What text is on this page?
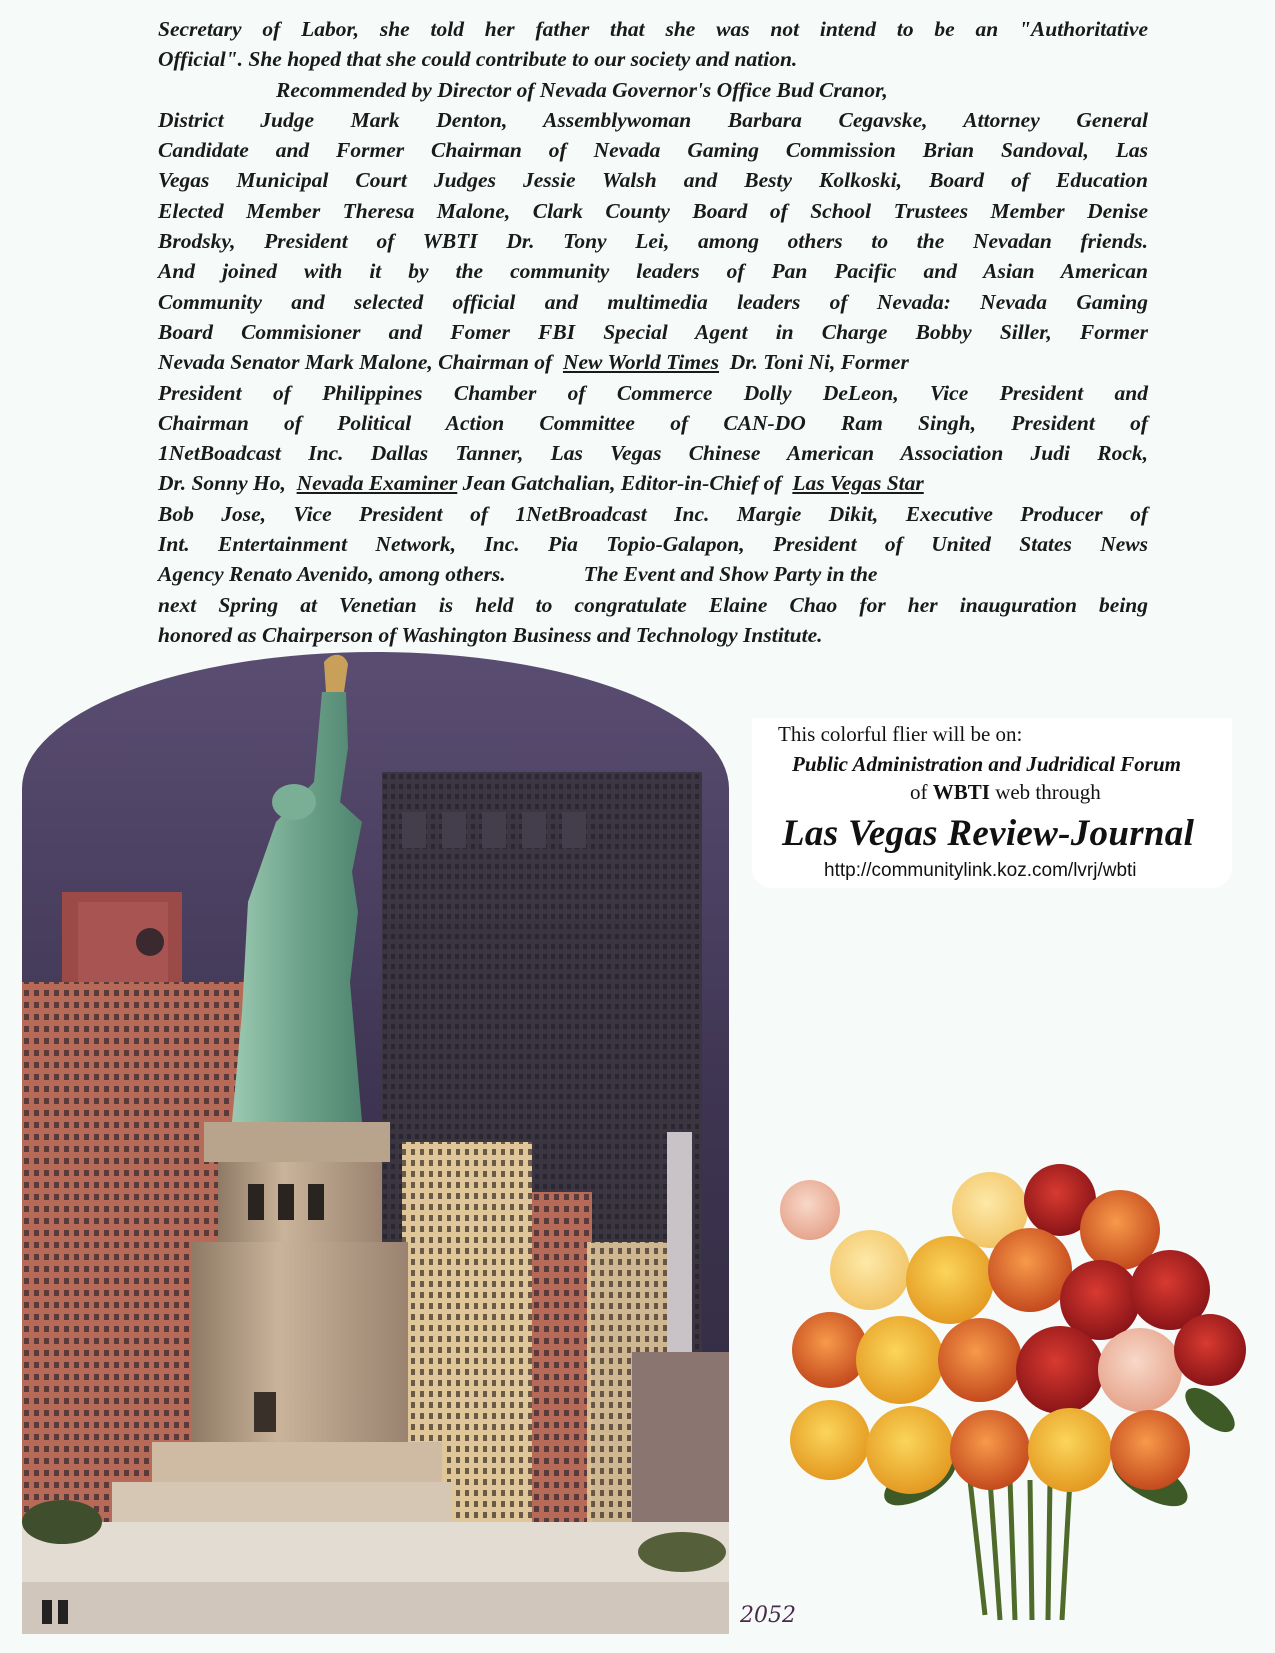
Secretary of Labor, she told her father that she was not intend to be an "Authoritative
Official". She hoped that she could contribute to our society and nation.
Recommended by Director of Nevada Governor's Office Bud Cranor,
District Judge Mark Denton, Assemblywoman Barbara Cegavske, Attorney General
Candidate and Former Chairman of Nevada Gaming Commission Brian Sandoval, Las
Vegas Municipal Court Judges Jessie Walsh and Besty Kolkoski, Board of Education
Elected Member Theresa Malone, Clark County Board of School Trustees Member Denise
Brodsky, President of WBTI Dr. Tony Lei, among others to the Nevadan friends.
And joined with it by the community leaders of Pan Pacific and Asian American
Community and selected official and multimedia leaders of Nevada: Nevada Gaming
Board Commisioner and Fomer FBI Special Agent in Charge Bobby Siller, Former
Nevada Senator Mark Malone, Chairman of New World Times Dr. Toni Ni, Former
President of Philippines Chamber of Commerce Dolly DeLeon, Vice President and
Chairman of Political Action Committee of CAN-DO Ram Singh, President of
1NetBoadcast Inc. Dallas Tanner, Las Vegas Chinese American Association Judi Rock,
Dr. Sonny Ho, Nevada Examiner Jean Gatchalian, Editor-in-Chief of Las Vegas Star
Bob Jose, Vice President of 1NetBroadcast Inc. Margie Dikit, Executive Producer of
Int. Entertainment Network, Inc. Pia Topio-Galapon, President of United States News
Agency Renato Avenido, among others.	The Event and Show Party in the
next Spring at Venetian is held to congratulate Elaine Chao for her inauguration being
honored as Chairperson of Washington Business and Technology Institute.
This colorful flier will be on:
Public Administration and Judridical Forum
of WBTI web through
Las Vegas Review-Journal
http://communitylink.koz.com/lvrj/wbti
2052
